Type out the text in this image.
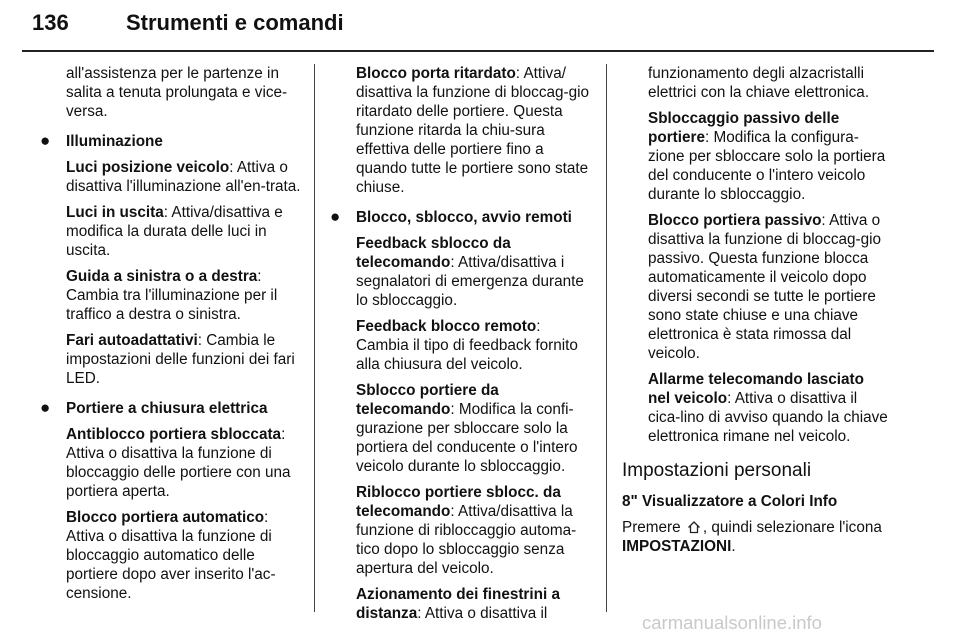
136	Strumenti e comandi
all'assistenza per le partenze in salita a tenuta prolungata e vice-versa.
● Illuminazione
Luci posizione veicolo: Attiva o disattiva l'illuminazione all'en-trata.
Luci in uscita: Attiva/disattiva e modifica la durata delle luci in uscita.
Guida a sinistra o a destra: Cambia tra l'illuminazione per il traffico a destra o sinistra.
Fari autoadattativi: Cambia le impostazioni delle funzioni dei fari LED.
● Portiere a chiusura elettrica
Antiblocco portiera sbloccata: Attiva o disattiva la funzione di bloccaggio delle portiere con una portiera aperta.
Blocco portiera automatico: Attiva o disattiva la funzione di bloccaggio automatico delle portiere dopo aver inserito l'ac-censione.
Blocco porta ritardato: Attiva/ disattiva la funzione di bloccag-gio ritardato delle portiere. Questa funzione ritarda la chiu-sura effettiva delle portiere fino a quando tutte le portiere sono state chiuse.
● Blocco, sblocco, avvio remoti
Feedback sblocco da telecomando: Attiva/disattiva i segnalatori di emergenza durante lo sbloccaggio.
Feedback blocco remoto: Cambia il tipo di feedback fornito alla chiusura del veicolo.
Sblocco portiere da telecomando: Modifica la confi-gurazione per sbloccare solo la portiera del conducente o l'intero veicolo durante lo sbloccaggio.
Riblocco portiere sblocc. da telecomando: Attiva/disattiva la funzione di ribloccaggio automa-tico dopo lo sbloccaggio senza apertura del veicolo.
Azionamento dei finestrini a distanza: Attiva o disattiva il
funzionamento degli alzacristalli elettrici con la chiave elettronica.
Sbloccaggio passivo delle portiere: Modifica la configura-zione per sbloccare solo la portiera del conducente o l'intero veicolo durante lo sbloccaggio.
Blocco portiera passivo: Attiva o disattiva la funzione di bloccag-gio passivo. Questa funzione blocca automaticamente il veicolo dopo diversi secondi se tutte le portiere sono state chiuse e una chiave elettronica è stata rimossa dal veicolo.
Allarme telecomando lasciato nel veicolo: Attiva o disattiva il cica-lino di avviso quando la chiave elettronica rimane nel veicolo.
Impostazioni personali
8" Visualizzatore a Colori Info
Premere , quindi selezionare l'icona IMPOSTAZIONI.
carmanualsonline.info
